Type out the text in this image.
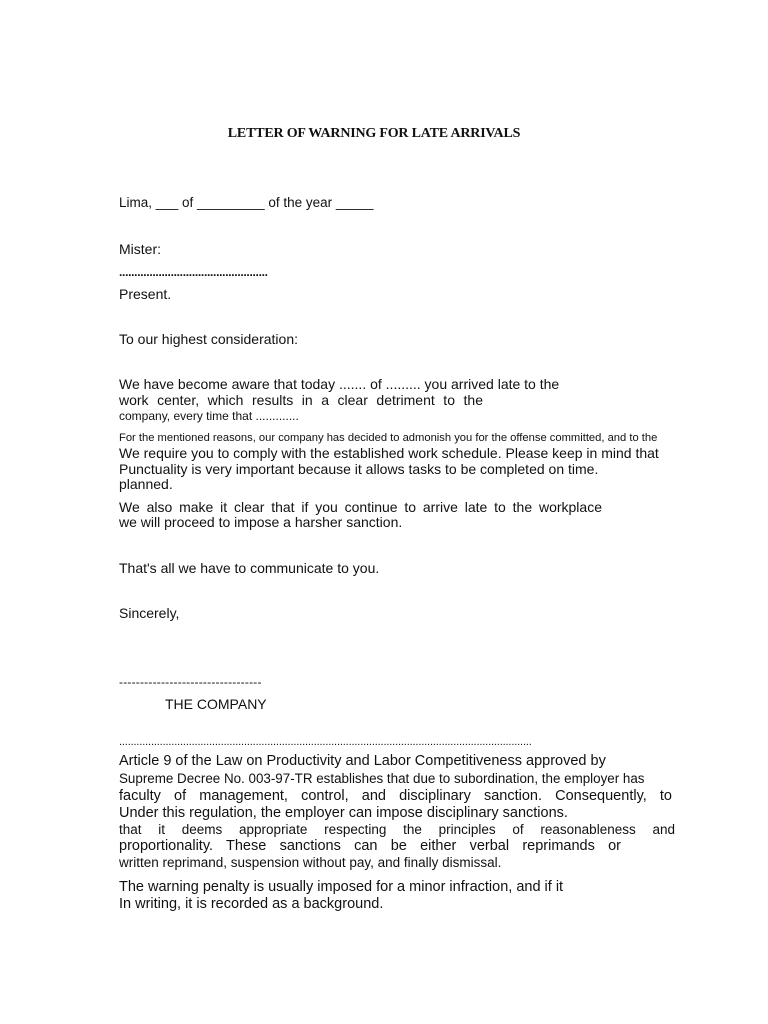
LETTER OF WARNING FOR LATE ARRIVALS
Lima, ___ of _________ of the year _____
Mister:
.................................................
Present.
To our highest consideration:
We have become aware that today ....... of ......... you arrived late to the
work center, which results in a clear detriment to the
company, every time that .............
For the mentioned reasons, our company has decided to admonish you for the offense committed, and to the
We require you to comply with the established work schedule. Please keep in mind that
Punctuality is very important because it allows tasks to be completed on time.
planned.
We also make it clear that if you continue to arrive late to the workplace
we will proceed to impose a harsher sanction.
That's all we have to communicate to you.
Sincerely,
----------------------------------
THE COMPANY
..............................................................................................................................................
Article 9 of the Law on Productivity and Labor Competitiveness approved by
Supreme Decree No. 003-97-TR establishes that due to subordination, the employer has
faculty of management, control, and disciplinary sanction. Consequently, to
Under this regulation, the employer can impose disciplinary sanctions.
that it deems appropriate respecting the principles of reasonableness and
proportionality. These sanctions can be either verbal reprimands or
written reprimand, suspension without pay, and finally dismissal.
The warning penalty is usually imposed for a minor infraction, and if it
In writing, it is recorded as a background.
